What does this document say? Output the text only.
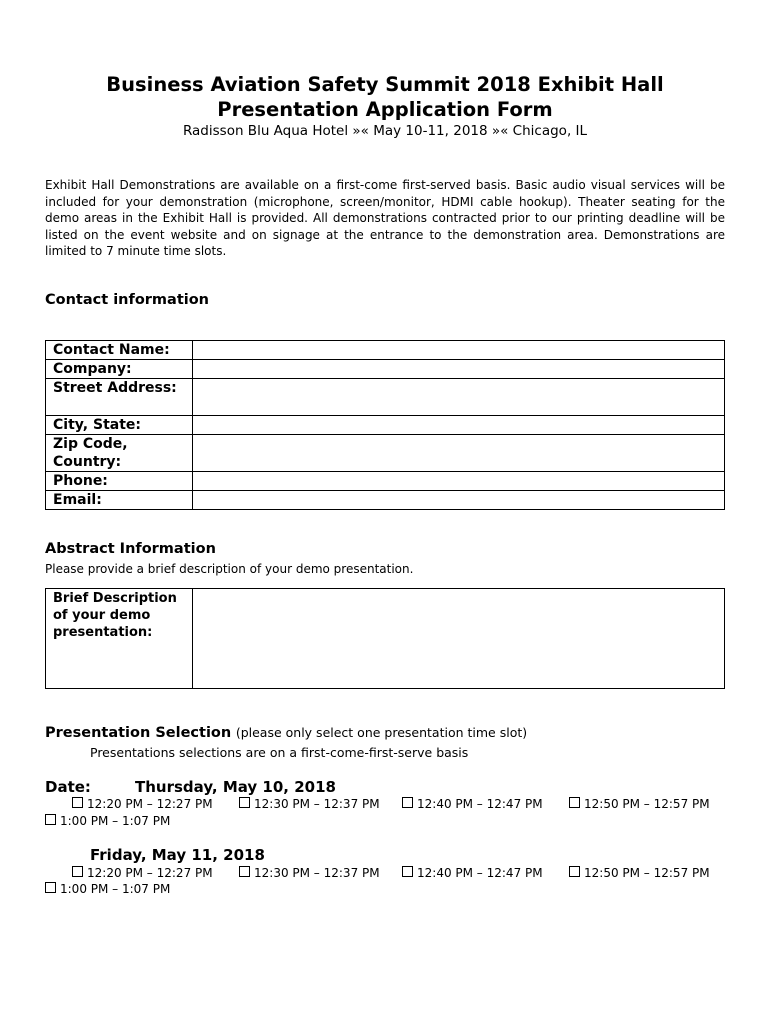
Business Aviation Safety Summit 2018 Exhibit Hall
Presentation Application Form
Radisson Blu Aqua Hotel »« May 10-11, 2018 »« Chicago, IL
Exhibit Hall Demonstrations are available on a first-come first-served basis. Basic audio visual services will be included for your demonstration (microphone, screen/monitor, HDMI cable hookup). Theater seating for the demo areas in the Exhibit Hall is provided. All demonstrations contracted prior to our printing deadline will be listed on the event website and on signage at the entrance to the demonstration area. Demonstrations are limited to 7 minute time slots.
Contact information
Contact Name:	
Company:	
Street Address:	
City, State:	
Zip Code, Country:	
Phone:	
Email:	
Abstract Information
Please provide a brief description of your demo presentation.
Brief Description of your demo presentation:	
Presentation Selection (please only select one presentation time slot)
Presentations selections are on a first-come-first-serve basis
Date:	Thursday, May 10, 2018
12:20 PM – 12:27 PM	12:30 PM – 12:37 PM	12:40 PM – 12:47 PM	12:50 PM – 12:57 PM
1:00 PM – 1:07 PM
Friday, May 11, 2018
12:20 PM – 12:27 PM	12:30 PM – 12:37 PM	12:40 PM – 12:47 PM	12:50 PM – 12:57 PM
1:00 PM – 1:07 PM
